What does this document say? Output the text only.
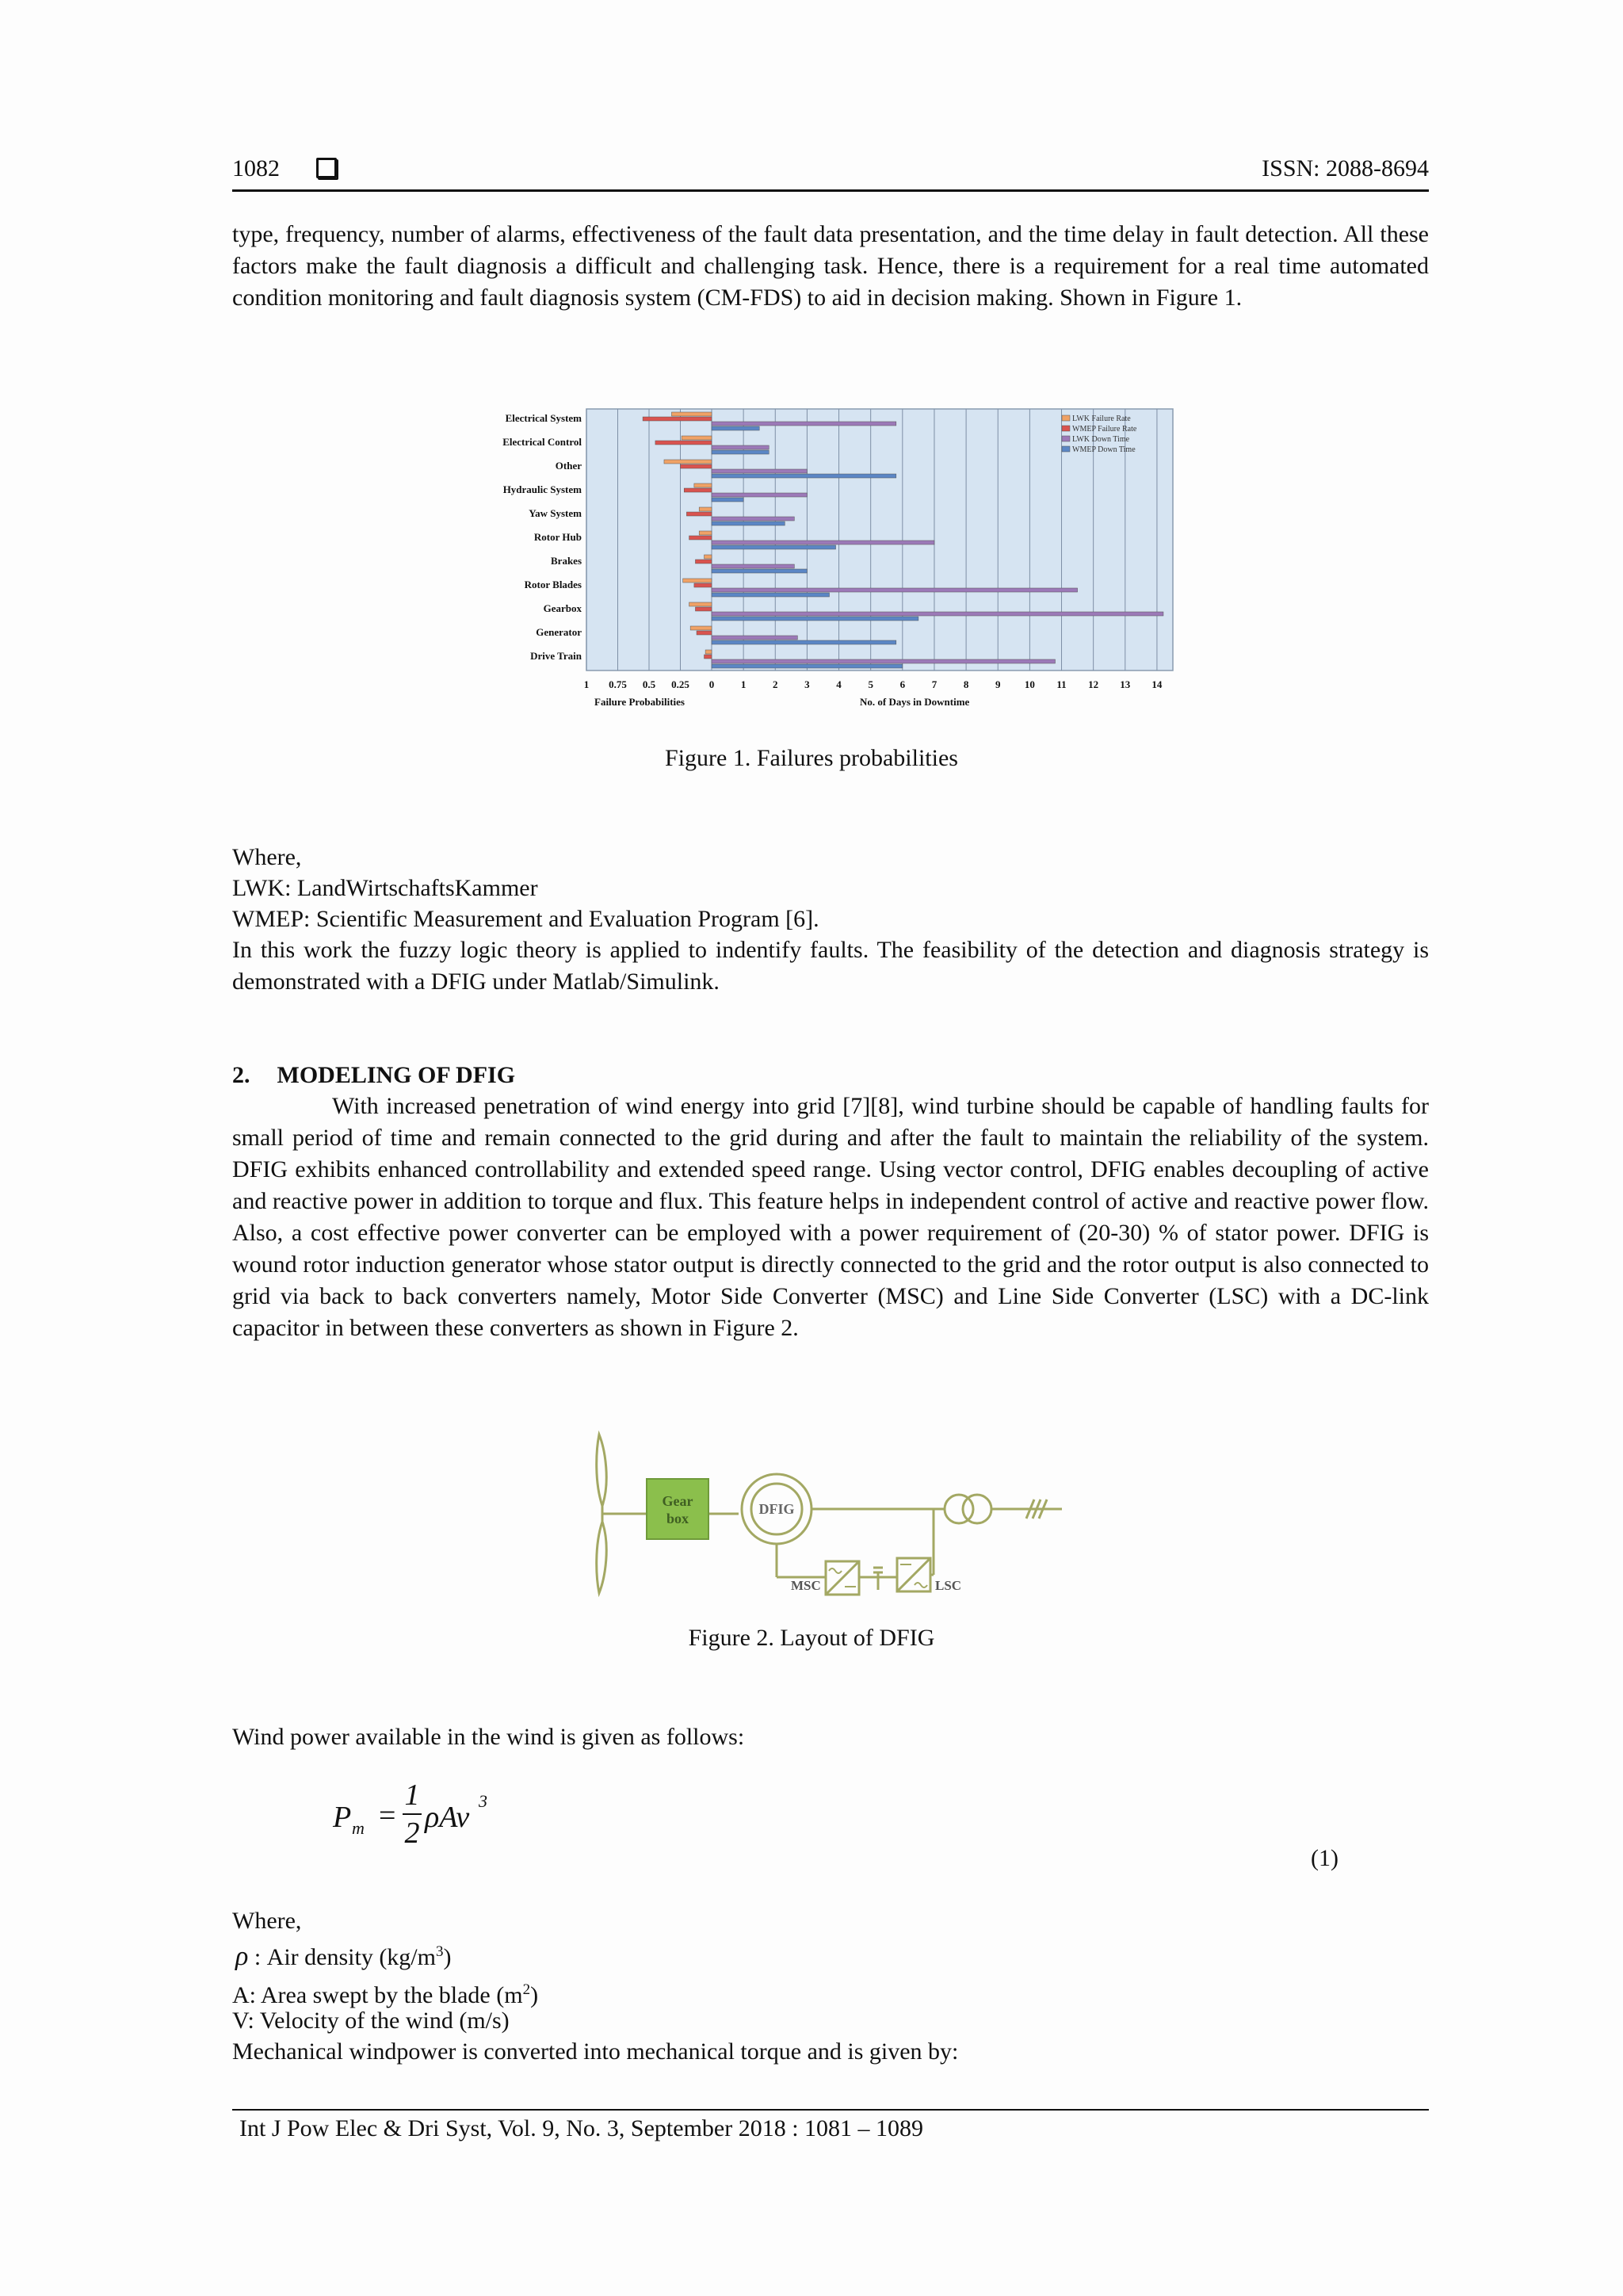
1082	ISSN: 2088-8694

type, frequency, number of alarms, effectiveness of the fault data presentation, and the time delay in fault detection. All these factors make the fault diagnosis a difficult and challenging task. Hence, there is a requirement for a real time automated condition monitoring and fault diagnosis system (CM-FDS) to aid in decision making. Shown in Figure 1.

Electrical System
Electrical Control
Other
Hydraulic System
Yaw System
Rotor Hub
Brakes
Rotor Blades
Gearbox
Generator
Drive Train
1 0.75 0.5 0.25 0	1	2	3	4	5	6	7	8	9 10 11 12 13 14
Failure Probabilities	No. of Days in Downtime
LWK Failure Rate
WMEP Failure Rate
LWK Down Time
WMEP Down Time
Figure 1. Failures probabilities
Where,
LWK: LandWirtschaftsKammer
WMEP: Scientific Measurement and Evaluation Program [6].

In this work the fuzzy logic theory is applied to indentify faults. The feasibility of the detection and diagnosis strategy is demonstrated with a DFIG under Matlab/Simulink.

2. MODELING OF DFIG

With increased penetration of wind energy into grid [7][8], wind turbine should be capable of handling faults for small period of time and remain connected to the grid during and after the fault to maintain the reliability of the system. DFIG exhibits enhanced controllability and extended speed range. Using vector control, DFIG enables decoupling of active and reactive power in addition to torque and flux. This feature helps in independent control of active and reactive power flow. Also, a cost effective power converter can be employed with a power requirement of (20-30) % of stator power. DFIG is wound rotor induction generator whose stator output is directly connected to the grid and the rotor output is also connected to grid via back to back converters namely, Motor Side Converter (MSC) and Line Side Converter (LSC) with a DC-link capacitor in between these converters as shown in Figure 2.

Gear
box
DFIG
MSC	LSC
Figure 2. Layout of DFIG
Wind power available in the wind is given as follows:
P m =
1
2 ρAv 3
(1)
Where,
ρ : Air density $(kg/m^3)$
A: Area swept by the blade $(m^2)$
V: Velocity of the wind (m/s)
Mechanical windpower is converted into mechanical torque and is given by:
Int J Pow Elec & Dri Syst, Vol. 9, No. 3, September 2018 : 1081 – 1089
